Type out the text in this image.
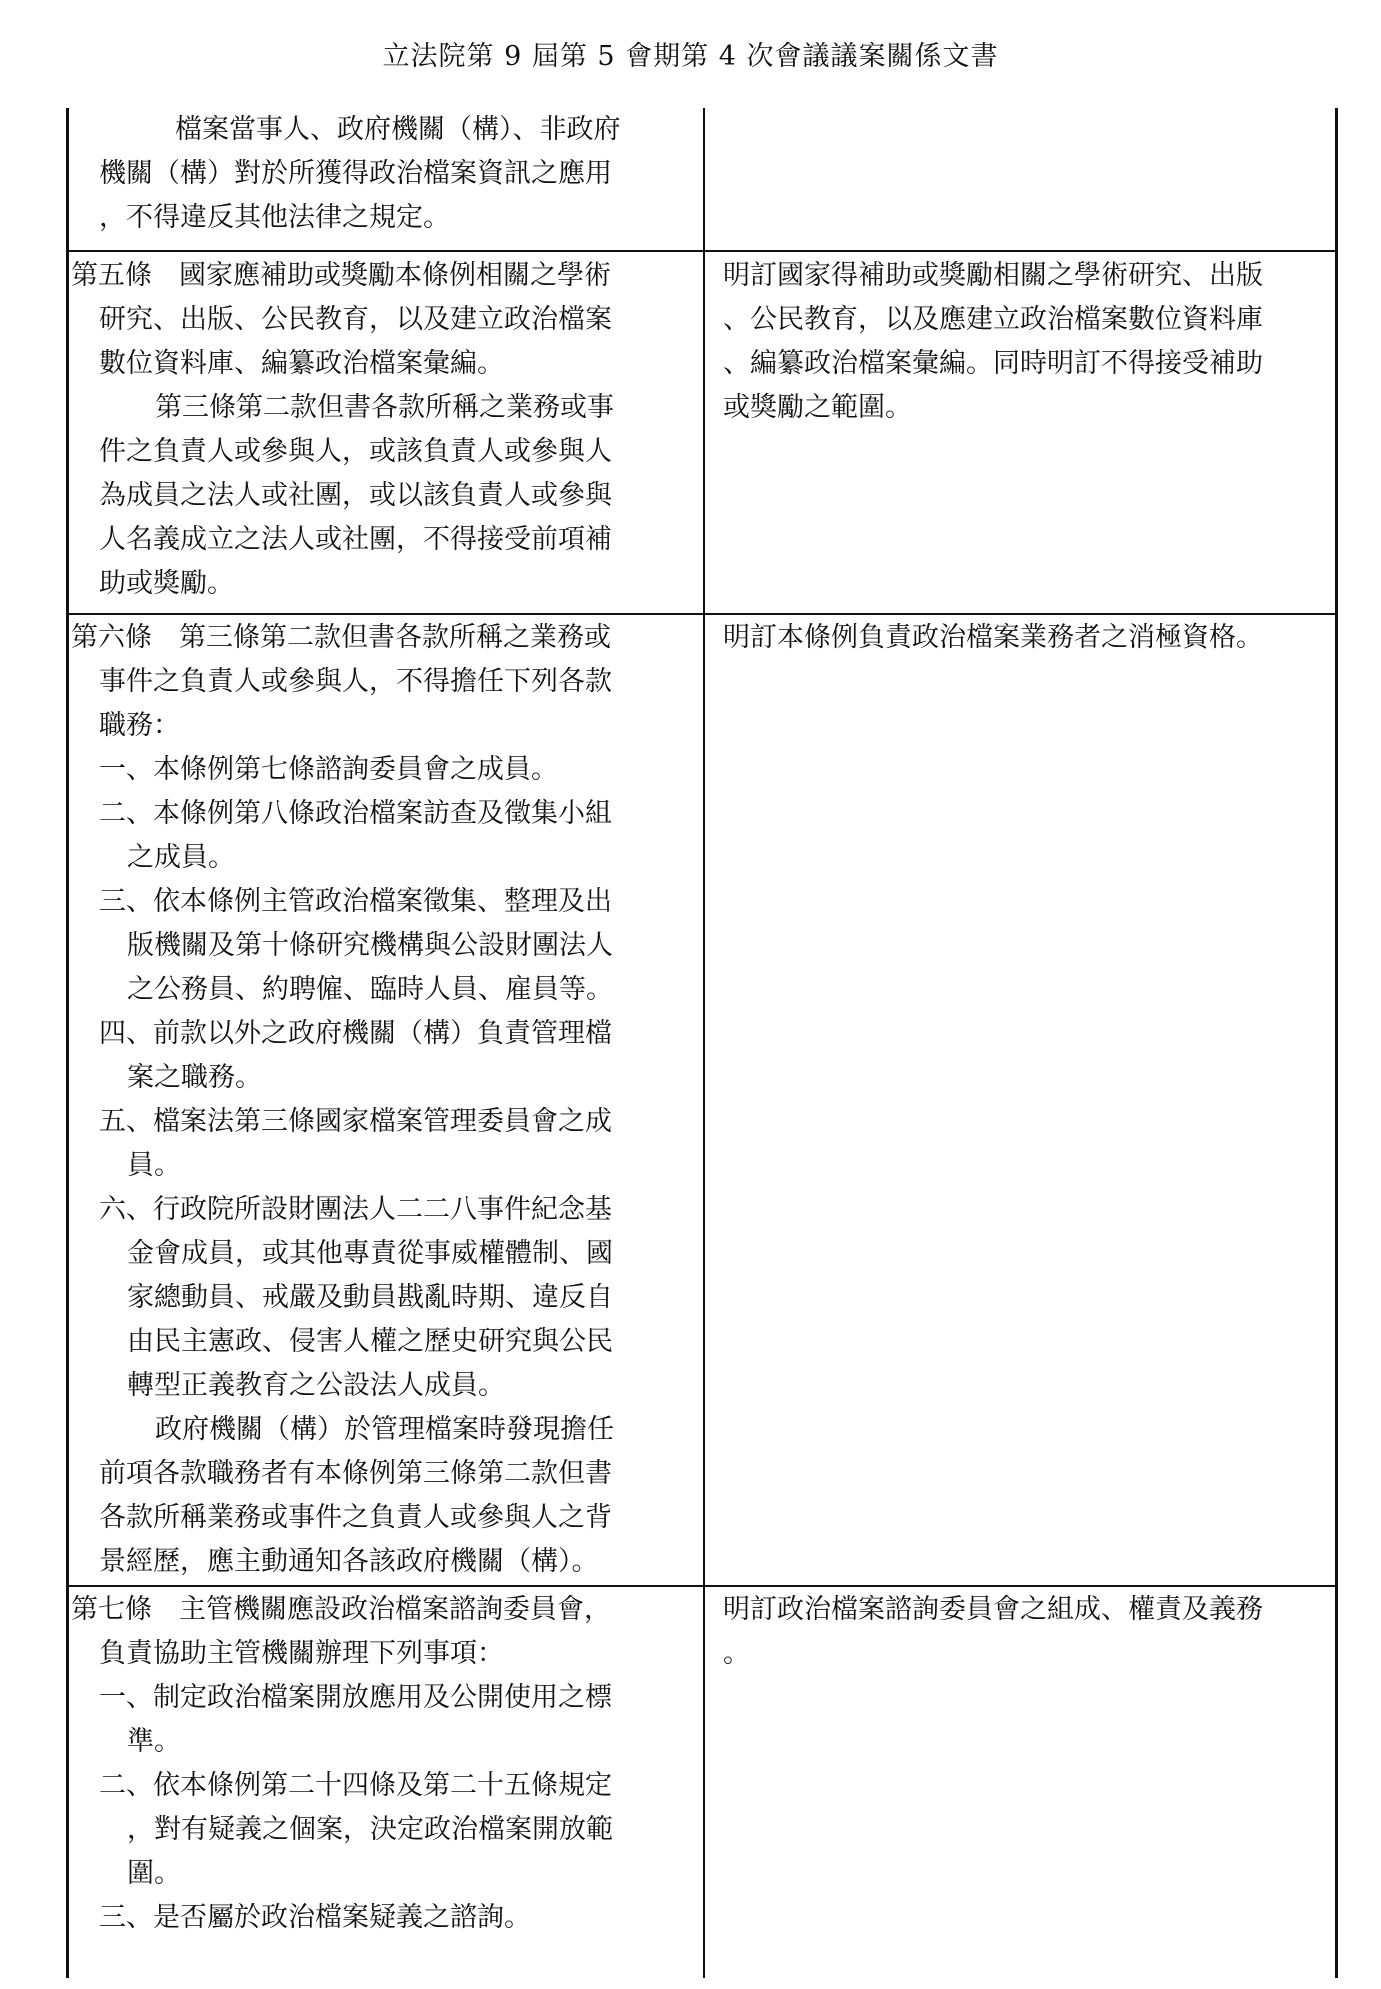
立法院第 9 屆第 5 會期第 4 次會議議案關係文書
檔案當事人、政府機關（構）、非政府
機關（構）對於所獲得政治檔案資訊之應用
，不得違反其他法律之規定。
第五條　國家應補助或獎勵本條例相關之學術
研究、出版、公民教育，以及建立政治檔案
數位資料庫、編纂政治檔案彙編。
第三條第二款但書各款所稱之業務或事
件之負責人或參與人，或該負責人或參與人
為成員之法人或社團，或以該負責人或參與
人名義成立之法人或社團，不得接受前項補
助或獎勵。
明訂國家得補助或獎勵相關之學術研究、出版
、公民教育，以及應建立政治檔案數位資料庫
、編纂政治檔案彙編。同時明訂不得接受補助
或獎勵之範圍。
第六條　第三條第二款但書各款所稱之業務或
事件之負責人或參與人，不得擔任下列各款
職務：
一、本條例第七條諮詢委員會之成員。
二、本條例第八條政治檔案訪查及徵集小組
之成員。
三、依本條例主管政治檔案徵集、整理及出
版機關及第十條研究機構與公設財團法人
之公務員、約聘僱、臨時人員、雇員等。
四、前款以外之政府機關（構）負責管理檔
案之職務。
五、檔案法第三條國家檔案管理委員會之成
員。
六、行政院所設財團法人二二八事件紀念基
金會成員，或其他專責從事威權體制、國
家總動員、戒嚴及動員戡亂時期、違反自
由民主憲政、侵害人權之歷史研究與公民
轉型正義教育之公設法人成員。
政府機關（構）於管理檔案時發現擔任
前項各款職務者有本條例第三條第二款但書
各款所稱業務或事件之負責人或參與人之背
景經歷，應主動通知各該政府機關（構）。
明訂本條例負責政治檔案業務者之消極資格。
第七條　主管機關應設政治檔案諮詢委員會，
負責協助主管機關辦理下列事項：
一、制定政治檔案開放應用及公開使用之標
準。
二、依本條例第二十四條及第二十五條規定
，對有疑義之個案，決定政治檔案開放範
圍。
三、是否屬於政治檔案疑義之諮詢。
明訂政治檔案諮詢委員會之組成、權責及義務
。
